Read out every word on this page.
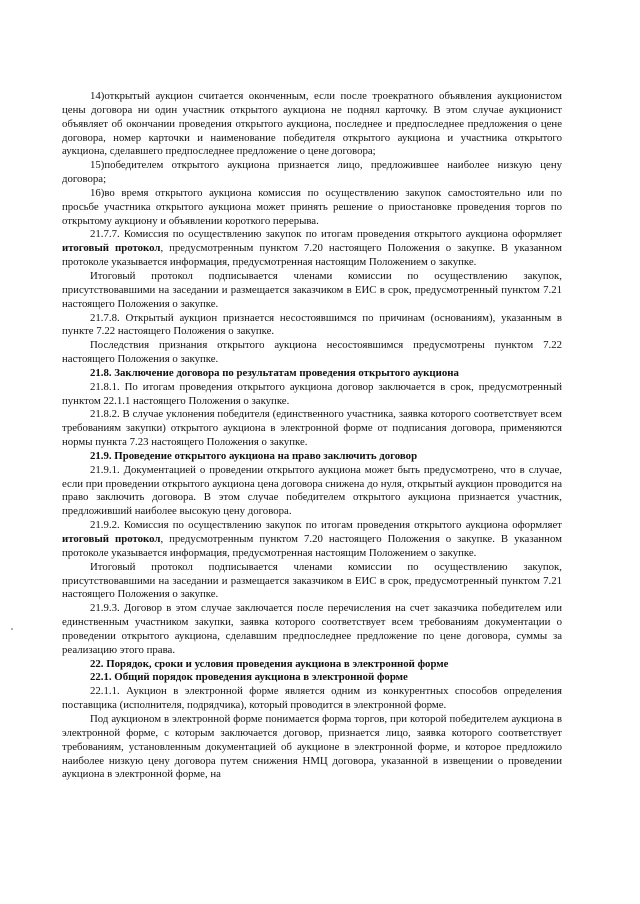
14)открытый аукцион считается оконченным, если после троекратного объявления аукционистом цены договора ни один участник открытого аукциона не поднял карточку. В этом случае аукционист объявляет об окончании проведения открытого аукциона, последнее и предпоследнее предложения о цене договора, номер карточки и наименование победителя открытого аукциона и участника открытого аукциона, сделавшего предпоследнее предложение о цене договора;

15)победителем открытого аукциона признается лицо, предложившее наиболее низкую цену договора;

16)во время открытого аукциона комиссия по осуществлению закупок самостоятельно или по просьбе участника открытого аукциона может принять решение о приостановке проведения торгов по открытому аукциону и объявлении короткого перерыва.

21.7.7. Комиссия по осуществлению закупок по итогам проведения открытого аукциона оформляет итоговый протокол, предусмотренным пунктом 7.20 настоящего Положения о закупке. В указанном протоколе указывается информация, предусмотренная настоящим Положением о закупке.

Итоговый протокол подписывается членами комиссии по осуществлению закупок, присутствовавшими на заседании и размещается заказчиком в ЕИС в срок, предусмотренный пунктом 7.21 настоящего Положения о закупке.

21.7.8. Открытый аукцион признается несостоявшимся по причинам (основаниям), указанным в пункте 7.22 настоящего Положения о закупке.

Последствия признания открытого аукциона несостоявшимся предусмотрены пунктом 7.22 настоящего Положения о закупке.

21.8. Заключение договора по результатам проведения открытого аукциона

21.8.1. По итогам проведения открытого аукциона договор заключается в срок, предусмотренный пунктом 22.1.1 настоящего Положения о закупке.

21.8.2. В случае уклонения победителя (единственного участника, заявка которого соответствует всем требованиям закупки) открытого аукциона в электронной форме от подписания договора, применяются нормы пункта 7.23 настоящего Положения о закупке.

21.9. Проведение открытого аукциона на право заключить договор

21.9.1. Документацией о проведении открытого аукциона может быть предусмотрено, что в случае, если при проведении открытого аукциона цена договора снижена до нуля, открытый аукцион проводится на право заключить договора. В этом случае победителем открытого аукциона признается участник, предложивший наиболее высокую цену договора.

21.9.2. Комиссия по осуществлению закупок по итогам проведения открытого аукциона оформляет итоговый протокол, предусмотренным пунктом 7.20 настоящего Положения о закупке. В указанном протоколе указывается информация, предусмотренная настоящим Положением о закупке.

Итоговый протокол подписывается членами комиссии по осуществлению закупок, присутствовавшими на заседании и размещается заказчиком в ЕИС в срок, предусмотренный пунктом 7.21 настоящего Положения о закупке.

21.9.3. Договор в этом случае заключается после перечисления на счет заказчика победителем или единственным участником закупки, заявка которого соответствует всем требованиям документации о проведении открытого аукциона, сделавшим предпоследнее предложение по цене договора, суммы за реализацию этого права.

22. Порядок, сроки и условия проведения аукциона в электронной форме

22.1. Общий порядок проведения аукциона в электронной форме

22.1.1. Аукцион в электронной форме является одним из конкурентных способов определения поставщика (исполнителя, подрядчика), который проводится в электронной форме.

Под аукционом в электронной форме понимается форма торгов, при которой победителем аукциона в электронной форме, с которым заключается договор, признается лицо, заявка которого соответствует требованиям, установленным документацией об аукционе в электронной форме, и которое предложило наиболее низкую цену договора путем снижения НМЦ договора, указанной в извещении о проведении аукциона в электронной форме, на
